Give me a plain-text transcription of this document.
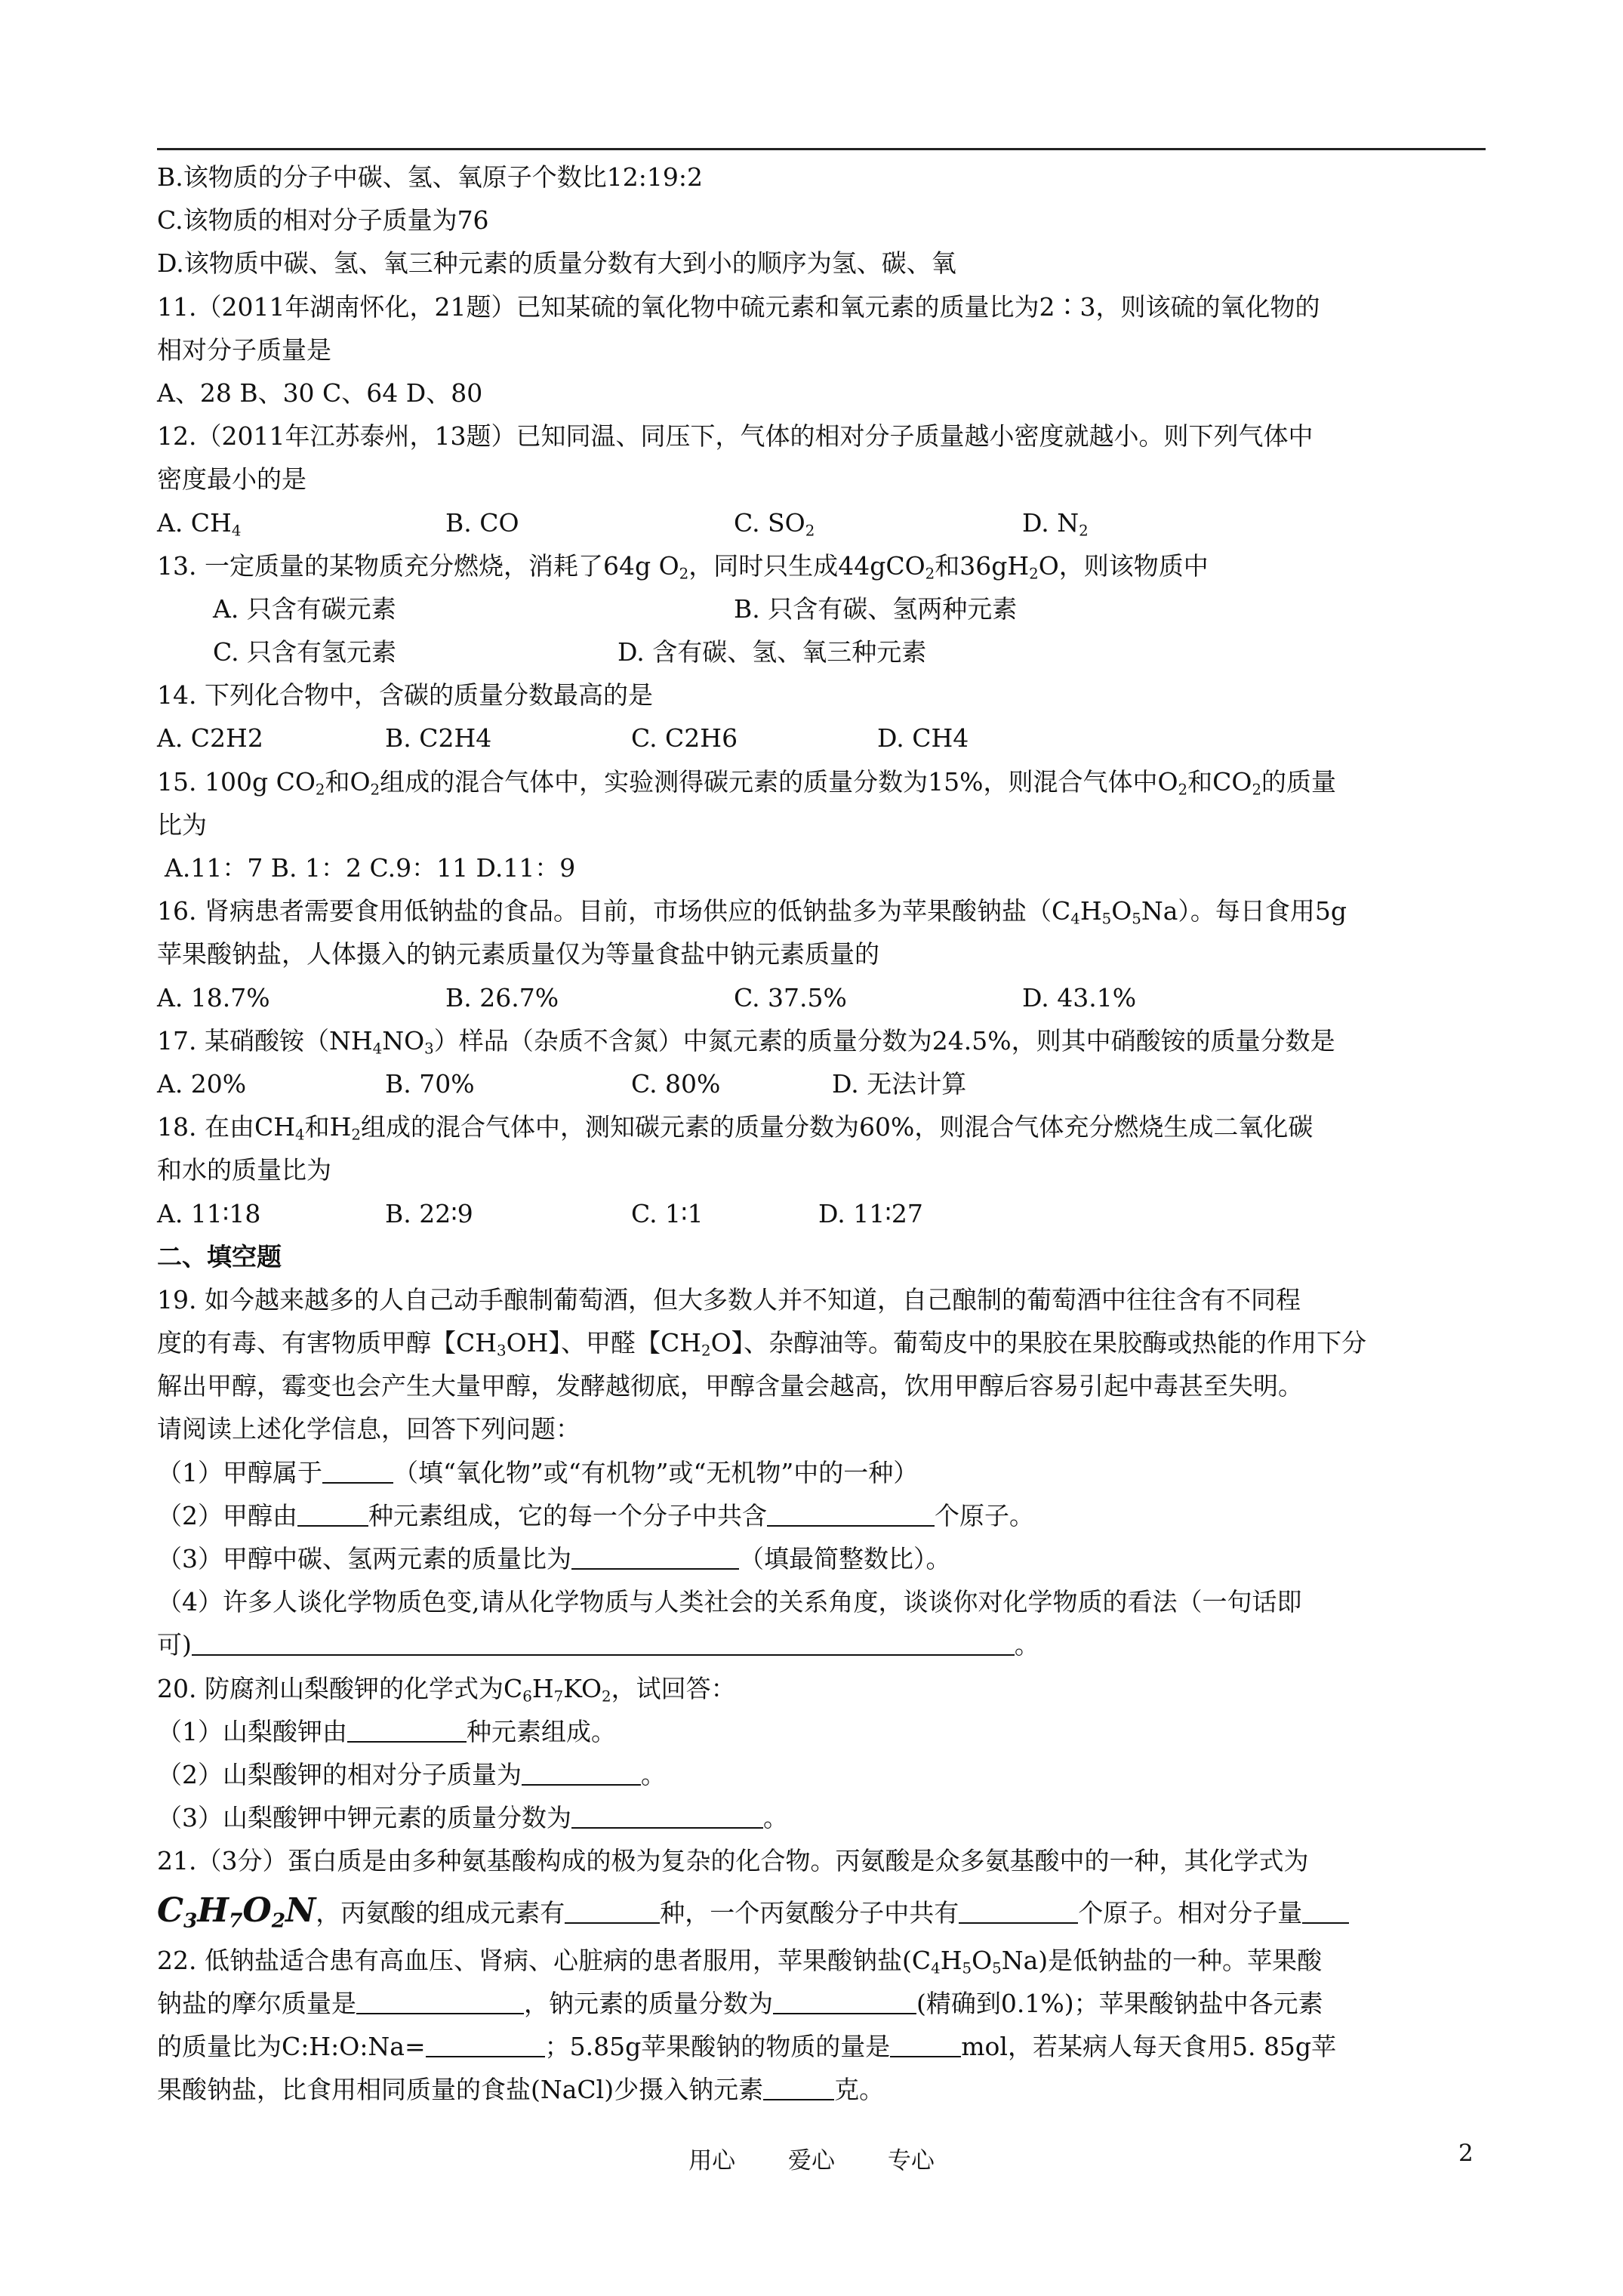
B.该物质的分子中碳、氢、氧原子个数比12:19:2
C.该物质的相对分子质量为76
D.该物质中碳、氢、氧三种元素的质量分数有大到小的顺序为氢、碳、氧
11.（2011年湖南怀化，21题）已知某硫的氧化物中硫元素和氧元素的质量比为2∶3，则该硫的氧化物的
相对分子质量是
A、28 B、30 C、64 D、80
12.（2011年江苏泰州，13题）已知同温、同压下，气体的相对分子质量越小密度就越小。则下列气体中
密度最小的是
A. $CH_4$	B. CO	C. $SO_2$	D. $N_2$
13. 一定质量的某物质充分燃烧，消耗了64g $O_2$，同时只生成44gCO$_2$和$36gH_2O$，则该物质中
A. 只含有碳元素	B. 只含有碳、氢两种元素
C. 只含有氢元素	D. 含有碳、氢、氧三种元素
14. 下列化合物中，含碳的质量分数最高的是
A. C2H2	B. C2H4	C. C2H6	D. CH4
15. 100g $CO_2$和$O_2$组成的混合气体中，实验测得碳元素的质量分数为15%，则混合气体中$O_2$和$CO_2$的质量
比为
A.11：7 B. 1：2 C.9：11 D.11：9
16. 肾病患者需要食用低钠盐的食品。目前，市场供应的低钠盐多为苹果酸钠盐$(C_4H_5O_5Na)$。每日食用5g
苹果酸钠盐，人体摄入的钠元素质量仅为等量食盐中钠元素质量的
A. 18.7%	B. 26.7%	C. 37.5%	D. 43.1%
17. 某硝酸铵$(NH_4NO_3)$样品（杂质不含氮）中氮元素的质量分数为24.5%，则其中硝酸铵的质量分数是
A. 20%	B. 70%	C. 80%	D. 无法计算
18. 在由$CH_4$和$H_2$组成的混合气体中，测知碳元素的质量分数为60%，则混合气体充分燃烧生成二氧化碳
和水的质量比为
A. 11∶18	B. 22∶9	C. 1∶1	D. 11∶27
二、填空题
19. 如今越来越多的人自己动手酿制葡萄酒，但大多数人并不知道，自己酿制的葡萄酒中往往含有不同程
度的有毒、有害物质甲醇【$CH_3OH$】、甲醛【$CH_2O$】、杂醇油等。葡萄皮中的果胶在果胶酶或热能的作用下分
解出甲醇，霉变也会产生大量甲醇，发酵越彻底，甲醇含量会越高，饮用甲醇后容易引起中毒甚至失明。
请阅读上述化学信息，回答下列问题：
（1）甲醇属于	（填“氧化物”或“有机物”或“无机物”中的一种）
（2）甲醇由	种元素组成，它的每一个分子中共含	个原子。
（3）甲醇中碳、氢两元素的质量比为	（填最简整数比）。
（4）许多人谈化学物质色变,请从化学物质与人类社会的关系角度，谈谈你对化学物质的看法（一句话即
可)	。
20. 防腐剂山梨酸钾的化学式为$C_6H_7KO_2$，试回答：
（1）山梨酸钾由	种元素组成。
（2）山梨酸钾的相对分子质量为	。
（3）山梨酸钾中钾元素的质量分数为	。
21.（3分）蛋白质是由多种氨基酸构成的极为复杂的化合物。丙氨酸是众多氨基酸中的一种，其化学式为
$C_3H_7O_2N$，丙氨酸的组成元素有	种，一个丙氨酸分子中共有	个原子。相对分子量
22. 低钠盐适合患有高血压、肾病、心脏病的患者服用，苹果酸钠盐$(C_4H_5O_5Na)$是低钠盐的一种。苹果酸
钠盐的摩尔质量是	，钠元素的质量分数为	(精确到0.1%)；苹果酸钠盐中各元素
的质量比为C:H:O:Na=	；5.85g苹果酸钠的物质的量是	mol，若某病人每天食用5. 85g苹
果酸钠盐，比食用相同质量的食盐(NaCl)少摄入钠元素	克。
用心 爱心 专心	2
